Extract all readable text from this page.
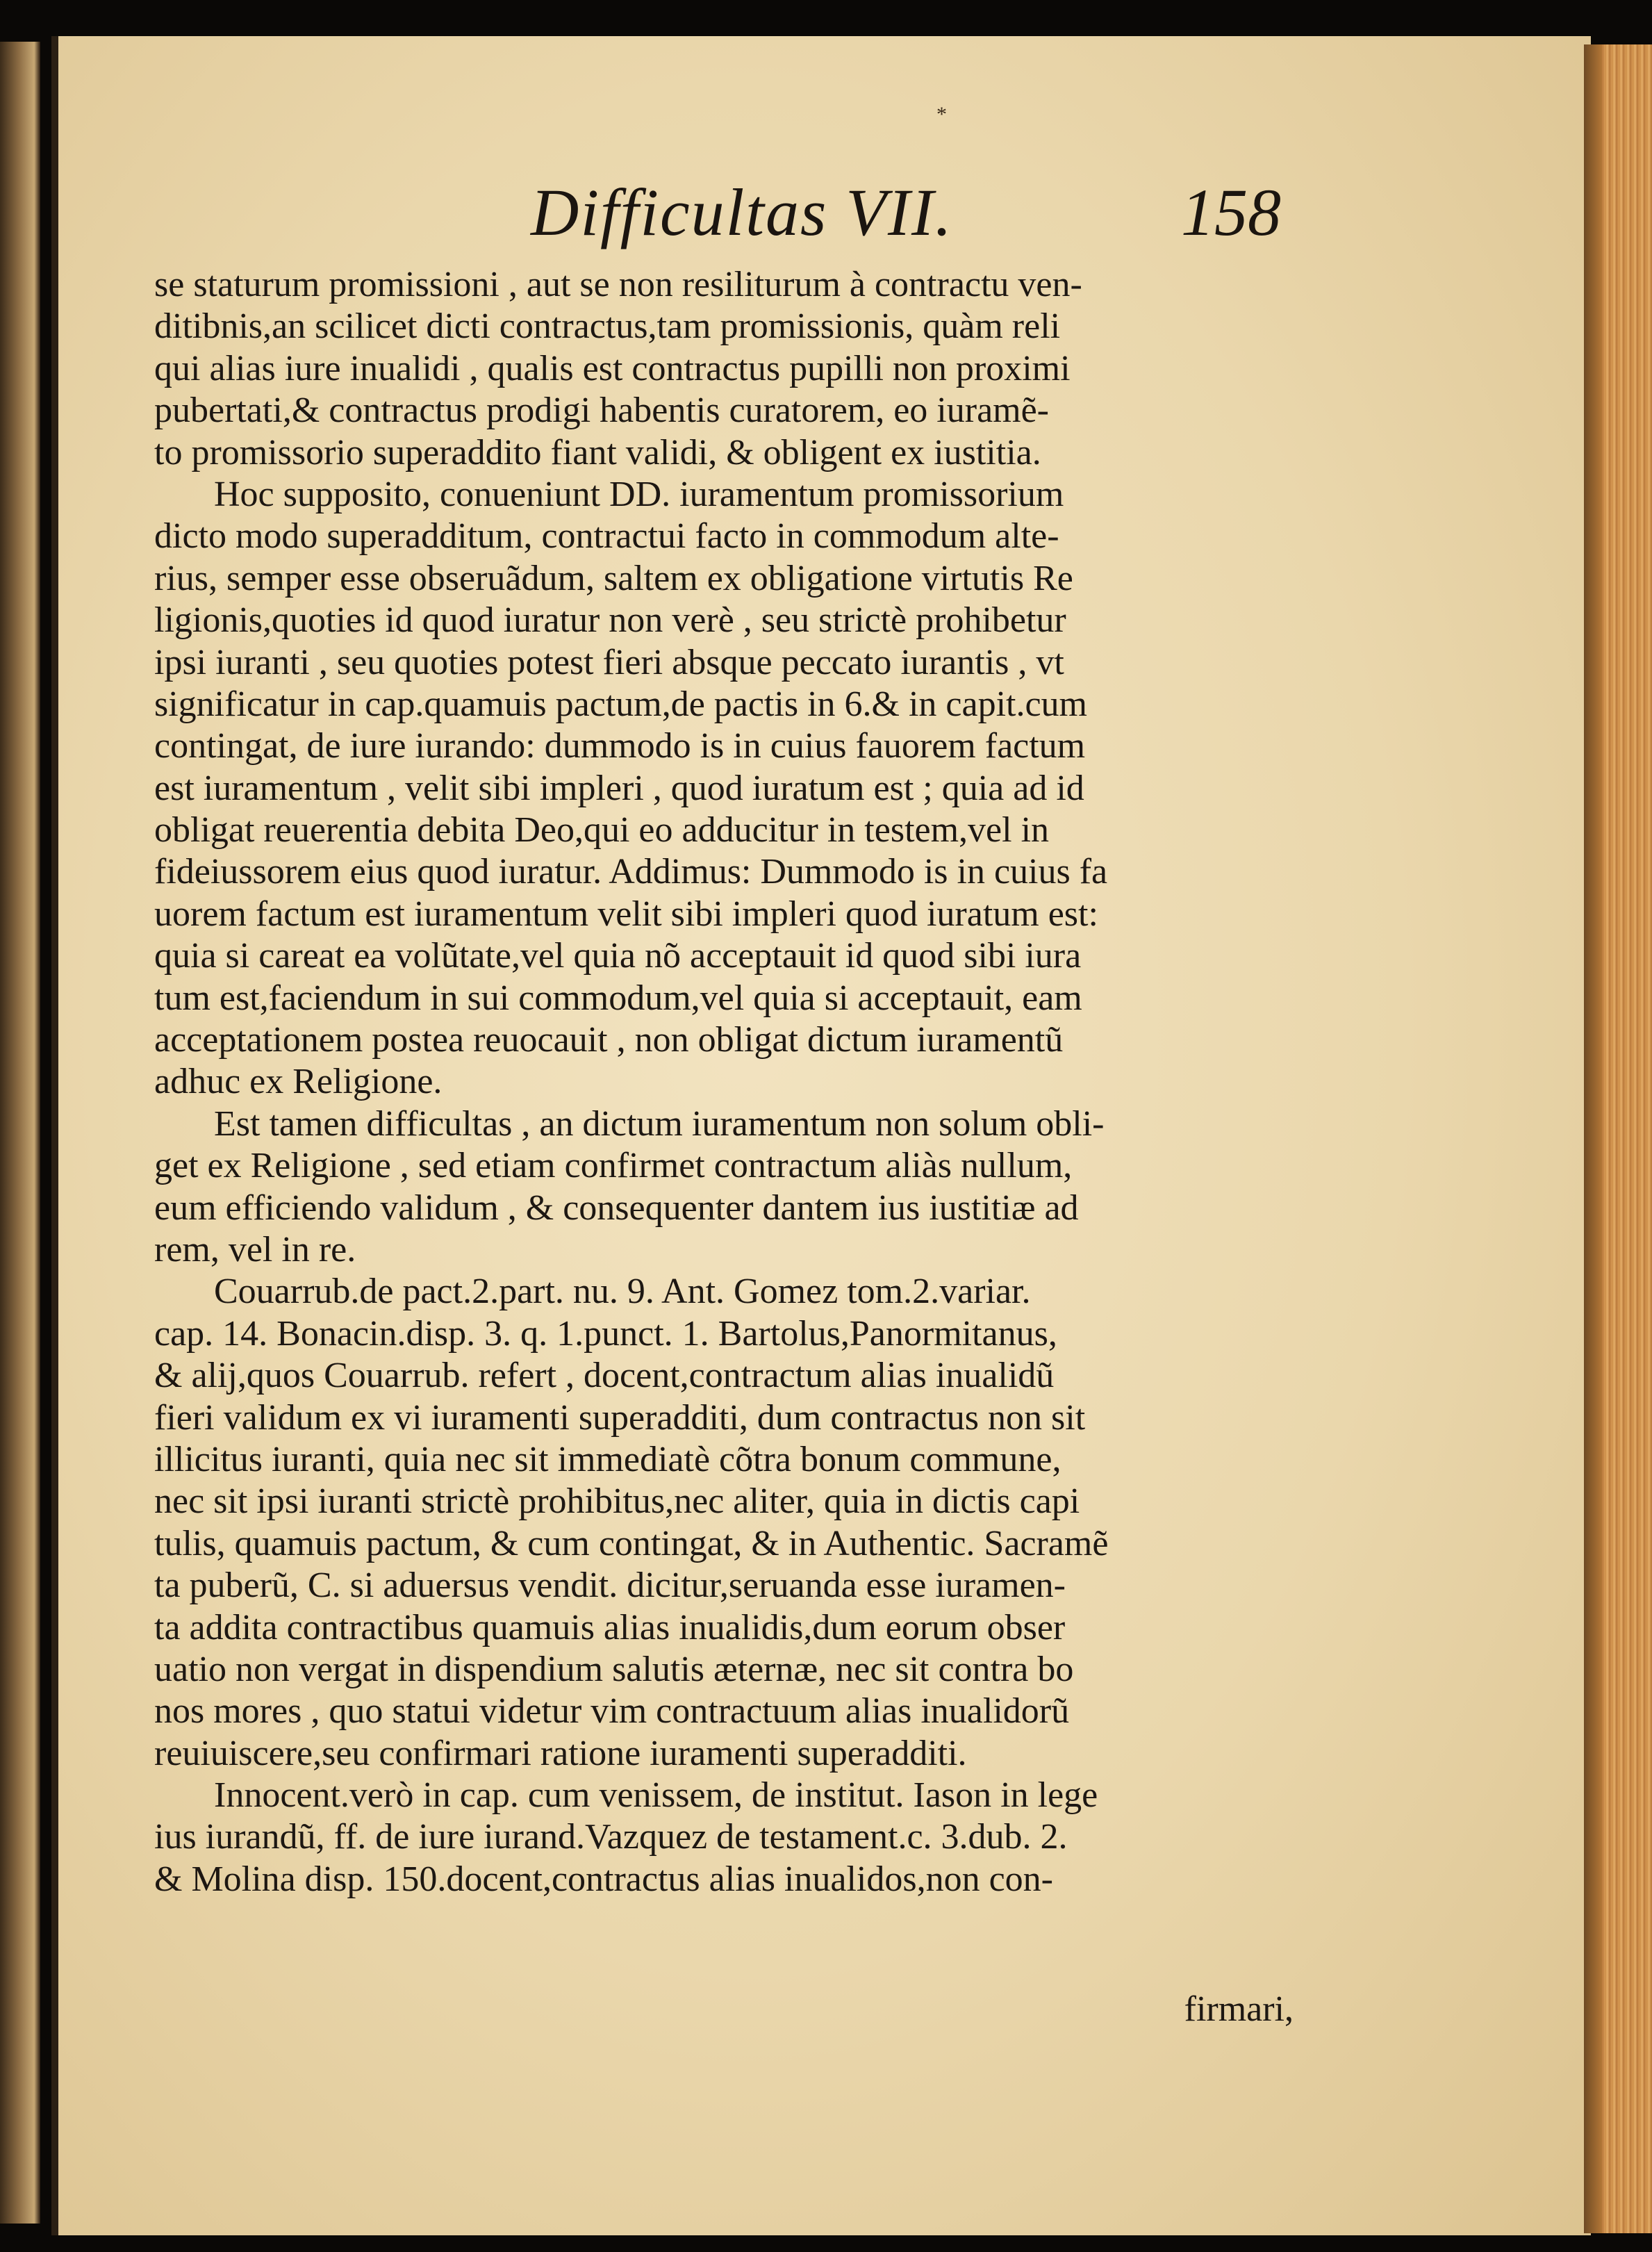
*
Difficultas VII.	158
se staturum promissioni , aut se non resiliturum à contractu ven-
ditibnis,an scilicet dicti contractus,tam promissionis, quàm reli
qui alias iure inualidi , qualis est contractus pupilli non proximi
pubertati,& contractus prodigi habentis curatorem, eo iuramẽ-
to promissorio superaddito fiant validi, & obligent ex iustitia.
Hoc supposito, conueniunt DD. iuramentum promissorium
dicto modo superadditum, contractui facto in commodum alte-
rius, semper esse obseruãdum, saltem ex obligatione virtutis Re
ligionis,quoties id quod iuratur non verè , seu strictè prohibetur
ipsi iuranti , seu quoties potest fieri absque peccato iurantis , vt
significatur in cap.quamuis pactum,de pactis in 6.& in capit.cum
contingat, de iure iurando: dummodo is in cuius fauorem factum
est iuramentum , velit sibi impleri , quod iuratum est ; quia ad id
obligat reuerentia debita Deo,qui eo adducitur in testem,vel in
fideiussorem eius quod iuratur. Addimus: Dummodo is in cuius fa
uorem factum est iuramentum velit sibi impleri quod iuratum est:
quia si careat ea volũtate,vel quia nõ acceptauit id quod sibi iura
tum est,faciendum in sui commodum,vel quia si acceptauit, eam
acceptationem postea reuocauit , non obligat dictum iuramentũ
adhuc ex Religione.
Est tamen difficultas , an dictum iuramentum non solum obli-
get ex Religione , sed etiam confirmet contractum aliàs nullum,
eum efficiendo validum , & consequenter dantem ius iustitiæ ad
rem, vel in re.
Couarrub.de pact.2.part. nu. 9. Ant. Gomez tom.2.variar.
cap. 14. Bonacin.disp. 3. q. 1.punct. 1. Bartolus,Panormitanus,
& alij,quos Couarrub. refert , docent,contractum alias inualidũ
fieri validum ex vi iuramenti superadditi, dum contractus non sit
illicitus iuranti, quia nec sit immediatè cõtra bonum commune,
nec sit ipsi iuranti strictè prohibitus,nec aliter, quia in dictis capi
tulis, quamuis pactum, & cum contingat, & in Authentic. Sacramẽ
ta puberũ, C. si aduersus vendit. dicitur,seruanda esse iuramen-
ta addita contractibus quamuis alias inualidis,dum eorum obser
uatio non vergat in dispendium salutis æternæ, nec sit contra bo
nos mores , quo statui videtur vim contractuum alias inualidorũ
reuiuiscere,seu confirmari ratione iuramenti superadditi.
Innocent.verò in cap. cum venissem, de institut. Iason in lege
ius iurandũ, ff. de iure iurand.Vazquez de testament.c. 3.dub. 2.
& Molina disp. 150.docent,contractus alias inualidos,non con-
firmari,
